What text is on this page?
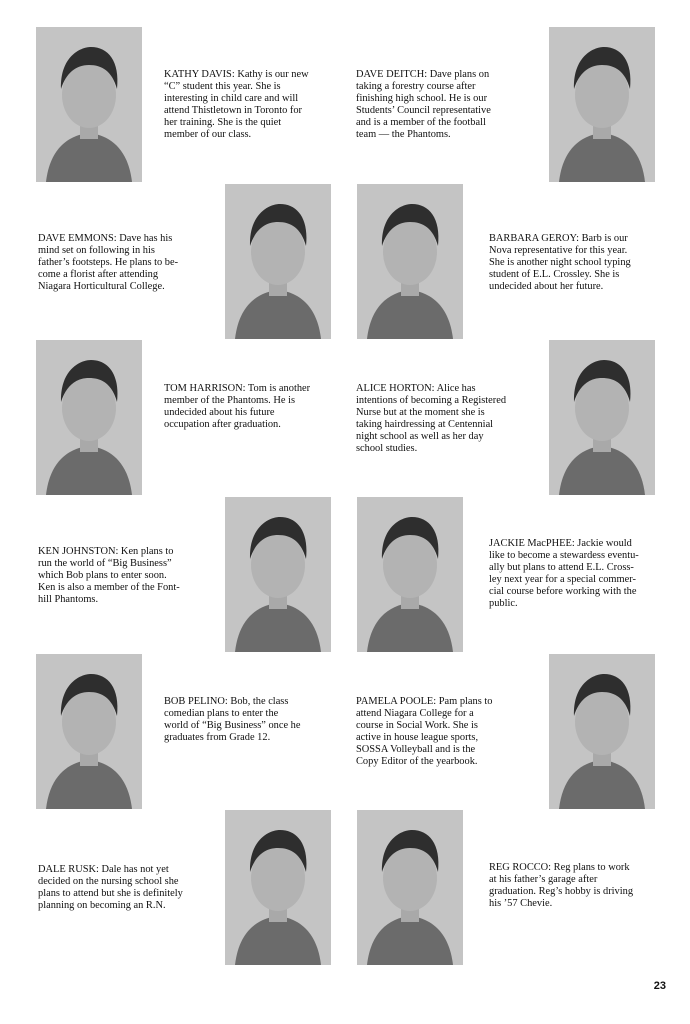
KATHY DAVIS: Kathy is our new
“C” student this year. She is
interesting in child care and will
attend Thistletown in Toronto for
her training. She is the quiet
member of our class.
DAVE DEITCH: Dave plans on
taking a forestry course after
finishing high school. He is our
Students’ Council representative
and is a member of the football
team — the Phantoms.
DAVE EMMONS: Dave has his
mind set on following in his
father’s footsteps. He plans to be-
come a florist after attending
Niagara Horticultural College.
BARBARA GEROY: Barb is our
Nova representative for this year.
She is another night school typing
student of E.L. Crossley. She is
undecided about her future.
TOM HARRISON: Tom is another
member of the Phantoms. He is
undecided about his future
occupation after graduation.
ALICE HORTON: Alice has
intentions of becoming a Registered
Nurse but at the moment she is
taking hairdressing at Centennial
night school as well as her day
school studies.
KEN JOHNSTON: Ken plans to
run the world of “Big Business”
which Bob plans to enter soon.
Ken is also a member of the Font-
hill Phantoms.
JACKIE MacPHEE: Jackie would
like to become a stewardess eventu-
ally but plans to attend E.L. Cross-
ley next year for a special commer-
cial course before working with the
public.
BOB PELINO: Bob, the class
comedian plans to enter the
world of “Big Business” once he
graduates from Grade 12.
PAMELA POOLE: Pam plans to
attend Niagara College for a
course in Social Work. She is
active in house league sports,
SOSSA Volleyball and is the
Copy Editor of the yearbook.
DALE RUSK: Dale has not yet
decided on the nursing school she
plans to attend but she is definitely
planning on becoming an R.N.
REG ROCCO: Reg plans to work
at his father’s garage after
graduation. Reg’s hobby is driving
his ’57 Chevie.
23
